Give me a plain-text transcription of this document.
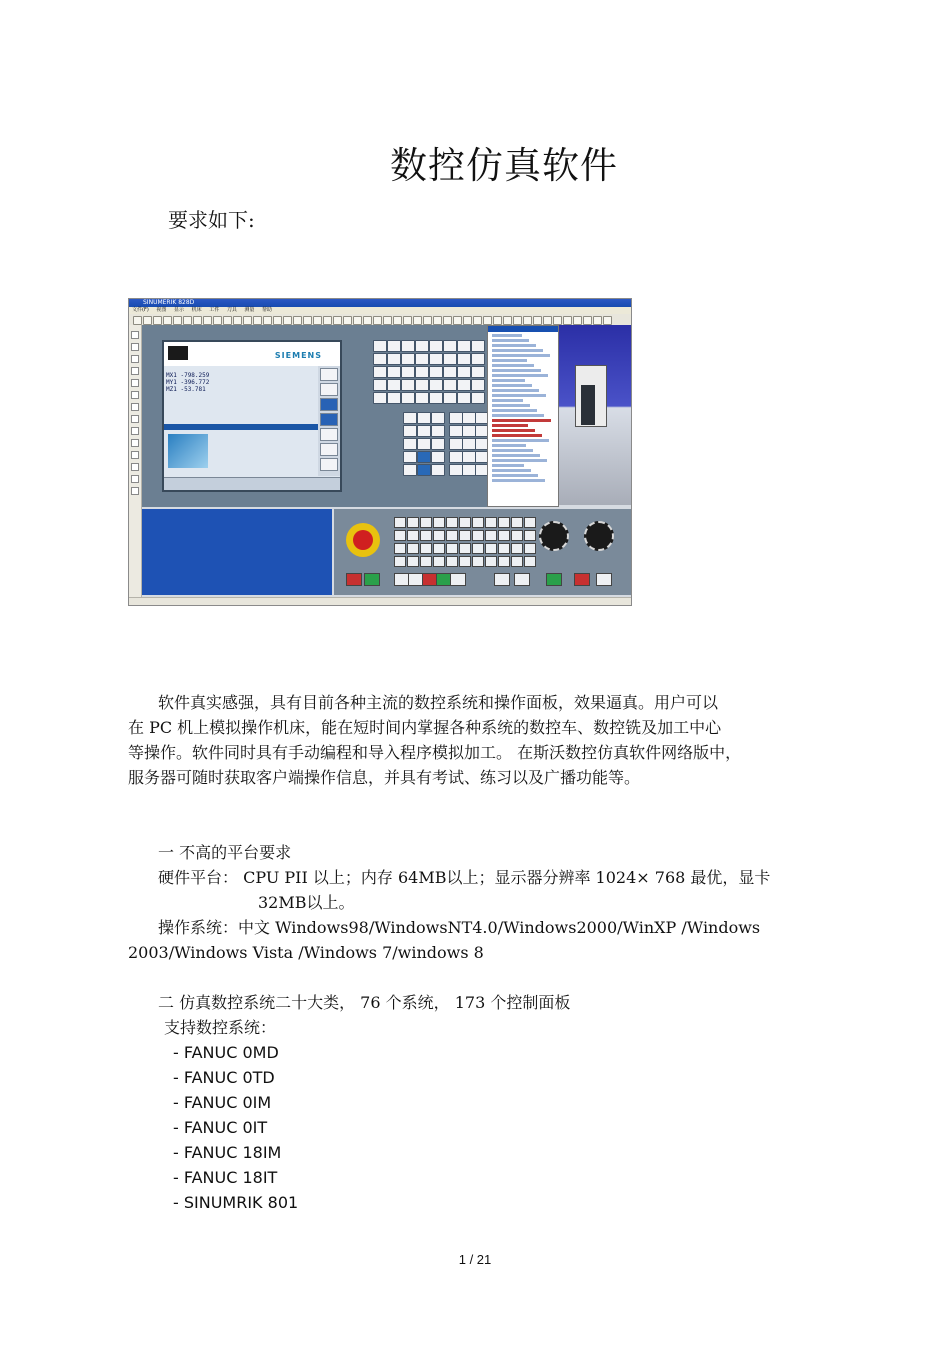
数控仿真软件
要求如下:
SINUMERIK 828D
文件(F) 视图 显示 机床 工件 刀具 测量 帮助
SIEMENS
MX1 -798.259
MY1 -396.772
MZ1 -53.781
软件真实感强，具有目前各种主流的数控系统和操作面板，效果逼真。用户可以
在 PC 机上模拟操作机床，能在短时间内掌握各种系统的数控车、数控铣及加工中心
等操作。软件同时具有手动编程和导入程序模拟加工。 在斯沃数控仿真软件网络版中，
服务器可随时获取客户端操作信息，并具有考试、练习以及广播功能等。
一 不高的平台要求
硬件平台： CPU PII 以上；内存 64MB以上；显示器分辨率 1024× 768 最优，显卡
32MB以上。
操作系统：中文 Windows98/WindowsNT4.0/Windows2000/WinXP /Windows
2003/Windows Vista /Windows 7/windows 8
二 仿真数控系统二十大类， 76 个系统， 173 个控制面板
支持数控系统：
- FANUC 0MD
- FANUC 0TD
- FANUC 0IM
- FANUC 0IT
- FANUC 18IM
- FANUC 18IT
- SINUMRIK 801
1 / 21
